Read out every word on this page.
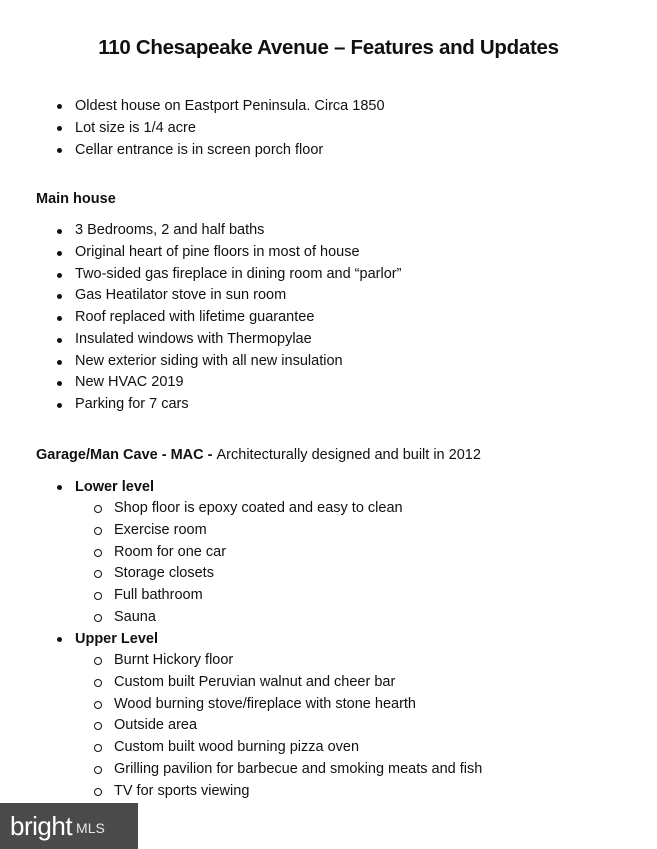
110 Chesapeake Avenue – Features and Updates
Oldest house on Eastport Peninsula. Circa 1850
Lot size is 1/4 acre
Cellar entrance is in screen porch floor
Main house
3 Bedrooms, 2 and half baths
Original heart of pine floors in most of house
Two-sided gas fireplace in dining room and “parlor”
Gas Heatilator stove in sun room
Roof replaced with lifetime guarantee
Insulated windows with Thermopylae
New exterior siding with all new insulation
New HVAC 2019
Parking for 7 cars
Garage/Man Cave - MAC - Architecturally designed and built in 2012
Lower level
Shop floor is epoxy coated and easy to clean
Exercise room
Room for one car
Storage closets
Full bathroom
Sauna
Upper Level
Burnt Hickory floor
Custom built Peruvian walnut and cheer bar
Wood burning stove/fireplace with stone hearth
Outside area
Custom built wood burning pizza oven
Grilling pavilion for barbecue and smoking meats and fish
TV for sports viewing
bright MLS
